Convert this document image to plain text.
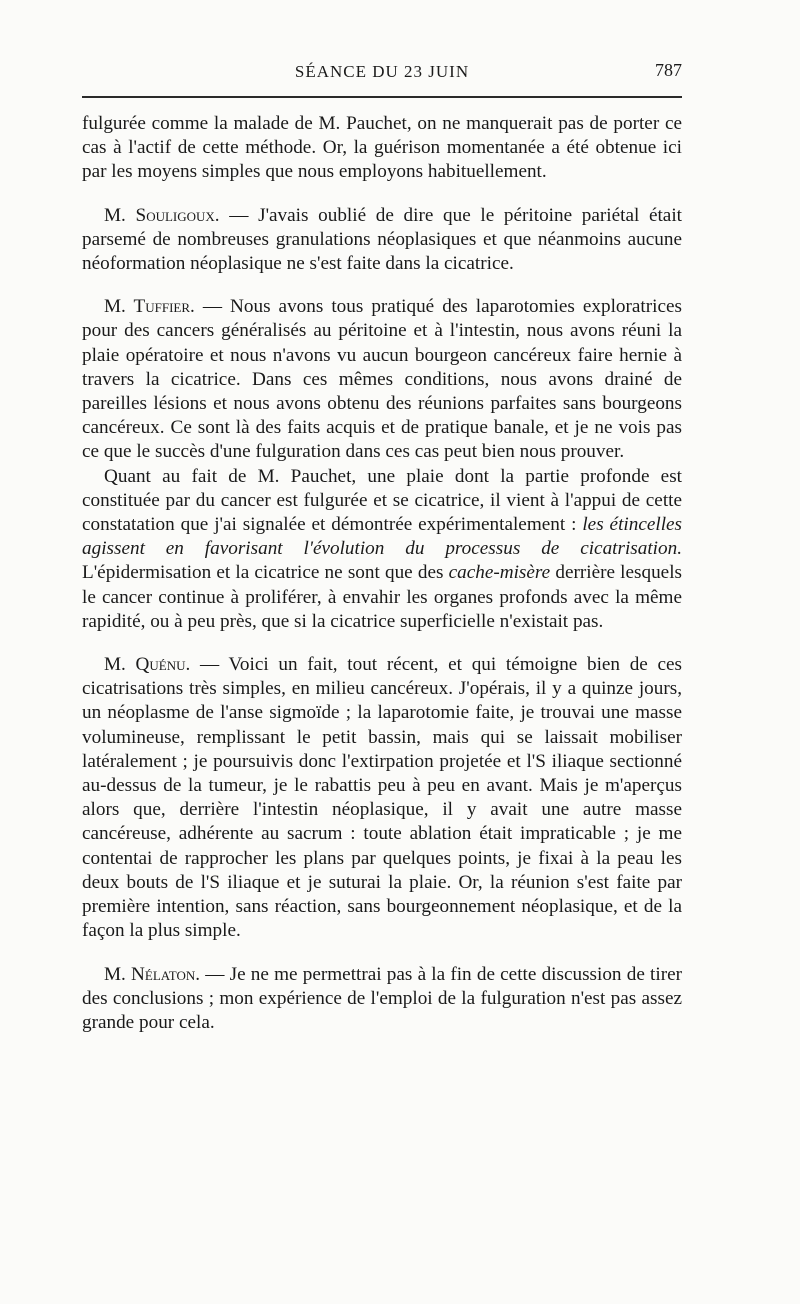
SÉANCE DU 23 JUIN	787

fulgurée comme la malade de M. Pauchet, on ne manquerait pas de porter ce cas à l'actif de cette méthode. Or, la guérison momentanée a été obtenue ici par les moyens simples que nous employons habituellement.

M. Souligoux. — J'avais oublié de dire que le péritoine pariétal était parsemé de nombreuses granulations néoplasiques et que néanmoins aucune néoformation néoplasique ne s'est faite dans la cicatrice.

M. Tuffier. — Nous avons tous pratiqué des laparotomies exploratrices pour des cancers généralisés au péritoine et à l'intestin, nous avons réuni la plaie opératoire et nous n'avons vu aucun bourgeon cancéreux faire hernie à travers la cicatrice. Dans ces mêmes conditions, nous avons drainé de pareilles lésions et nous avons obtenu des réunions parfaites sans bourgeons cancéreux. Ce sont là des faits acquis et de pratique banale, et je ne vois pas ce que le succès d'une fulguration dans ces cas peut bien nous prouver.

Quant au fait de M. Pauchet, une plaie dont la partie profonde est constituée par du cancer est fulgurée et se cicatrice, il vient à l'appui de cette constatation que j'ai signalée et démontrée expérimentalement : les étincelles agissent en favorisant l'évolution du processus de cicatrisation. L'épidermisation et la cicatrice ne sont que des cache-misère derrière lesquels le cancer continue à proliférer, à envahir les organes profonds avec la même rapidité, ou à peu près, que si la cicatrice superficielle n'existait pas.

M. Quénu. — Voici un fait, tout récent, et qui témoigne bien de ces cicatrisations très simples, en milieu cancéreux. J'opérais, il y a quinze jours, un néoplasme de l'anse sigmoïde ; la laparotomie faite, je trouvai une masse volumineuse, remplissant le petit bassin, mais qui se laissait mobiliser latéralement ; je poursuivis donc l'extirpation projetée et l'S iliaque sectionné au-dessus de la tumeur, je le rabattis peu à peu en avant. Mais je m'aperçus alors que, derrière l'intestin néoplasique, il y avait une autre masse cancéreuse, adhérente au sacrum : toute ablation était impraticable ; je me contentai de rapprocher les plans par quelques points, je fixai à la peau les deux bouts de l'S iliaque et je suturai la plaie. Or, la réunion s'est faite par première intention, sans réaction, sans bourgeonnement néoplasique, et de la façon la plus simple.

M. Nélaton. — Je ne me permettrai pas à la fin de cette discussion de tirer des conclusions ; mon expérience de l'emploi de la fulguration n'est pas assez grande pour cela.
